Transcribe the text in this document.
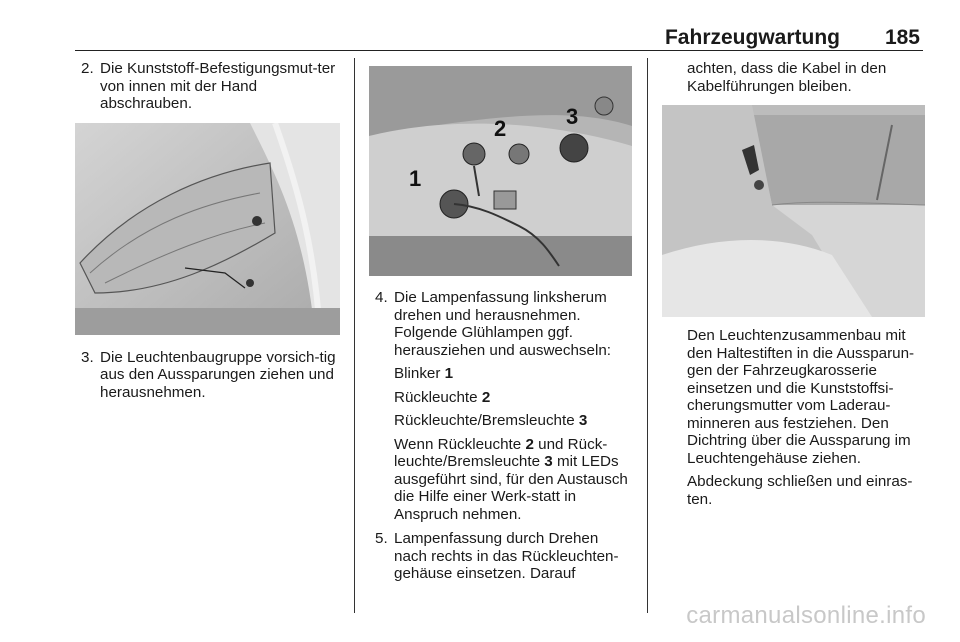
Fahrzeugwartung 185

2. Die Kunststoff-Befestigungsmut-ter von innen mit der Hand abschrauben.

3. Die Leuchtenbaugruppe vorsich-tig aus den Aussparungen ziehen und herausnehmen.

1
2	3

4. Die Lampenfassung linksherum drehen und herausnehmen. Folgende Glühlampen ggf. herausziehen und auswechseln:

Blinker 1

Rückleuchte 2

Rückleuchte/Bremsleuchte 3

Wenn Rückleuchte 2 und Rück-leuchte/Bremsleuchte 3 mit LEDs ausgeführt sind, für den Austausch die Hilfe einer Werk-statt in Anspruch nehmen.

5. Lampenfassung durch Drehen nach rechts in das Rückleuchten-gehäuse einsetzen. Darauf

achten, dass die Kabel in den Kabelführungen bleiben.

Den Leuchtenzusammenbau mit den Haltestiften in die Aussparun-gen der Fahrzeugkarosserie einsetzen und die Kunststoffsi-cherungsmutter vom Laderau-minneren aus festziehen. Den Dichtring über die Aussparung im Leuchtengehäuse ziehen.

Abdeckung schließen und einras-ten.

carmanualsonline.info
